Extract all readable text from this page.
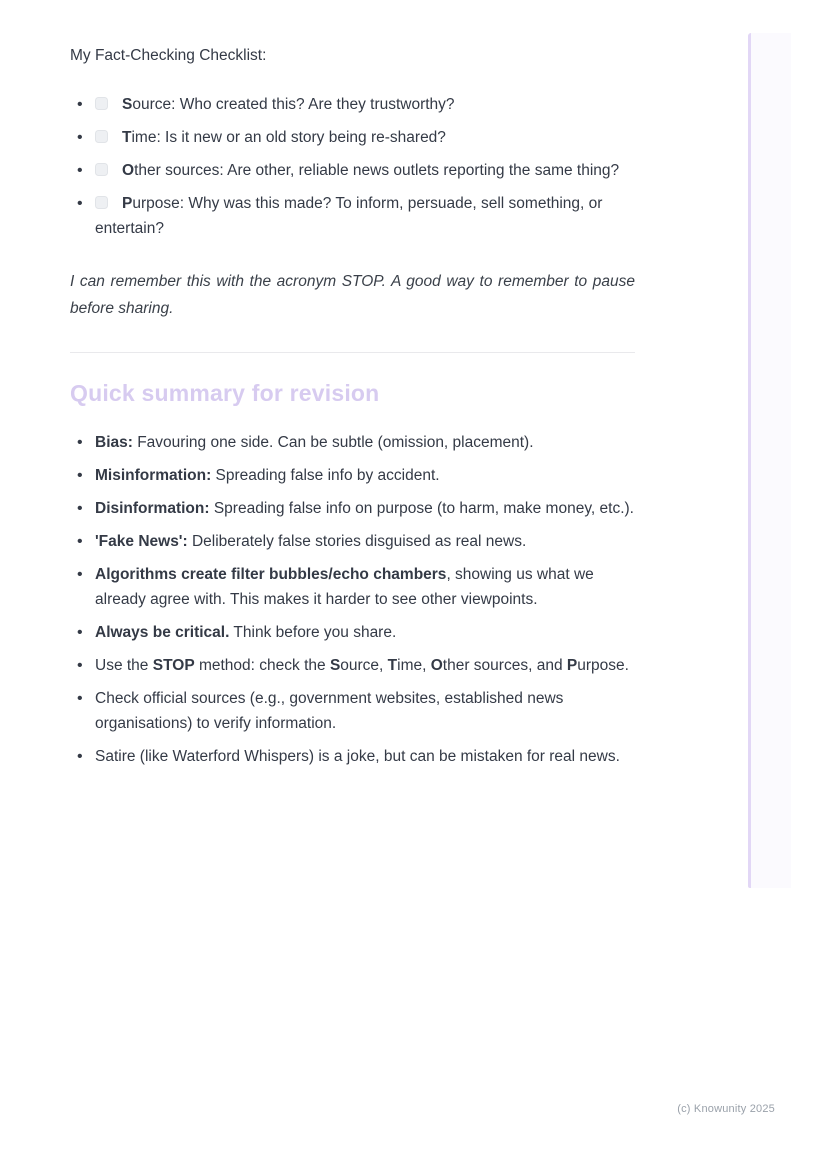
My Fact-Checking Checklist:

• Source: Who created this? Are they trustworthy?
• Time: Is it new or an old story being re-shared?
• Other sources: Are other, reliable news outlets reporting the same thing?
• Purpose: Why was this made? To inform, persuade, sell something, or entertain?

I can remember this with the acronym STOP. A good way to remember to pause before sharing.

Quick summary for revision
• Bias: Favouring one side. Can be subtle (omission, placement).
• Misinformation: Spreading false info by accident.
• Disinformation: Spreading false info on purpose (to harm, make money, etc.).
• 'Fake News': Deliberately false stories disguised as real news.
• Algorithms create filter bubbles/echo chambers, showing us what we already agree with. This makes it harder to see other viewpoints.
• Always be critical. Think before you share.
• Use the STOP method: check the Source, Time, Other sources, and Purpose.
• Check official sources (e.g., government websites, established news organisations) to verify information.
• Satire (like Waterford Whispers) is a joke, but can be mistaken for real news.
(c) Knowunity 2025
